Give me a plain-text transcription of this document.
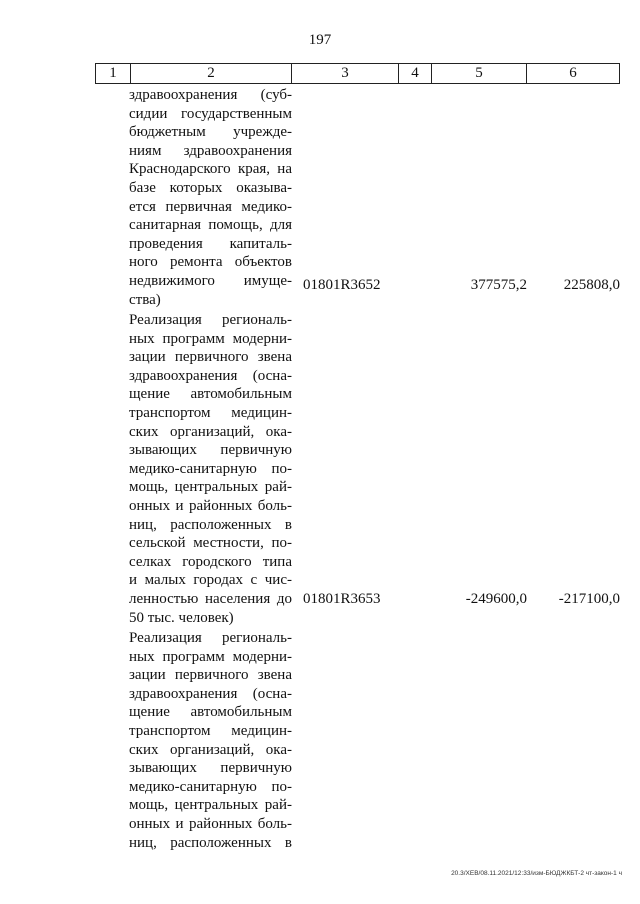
197
1	2	3	4	5	6
здравоохранения (суб-
сидии государственным
бюджетным учрежде-
ниям здравоохранения
Краснодарского края, на
базе которых оказыва-
ется первичная медико-
санитарная помощь, для
проведения капиталь-
ного ремонта объектов
недвижимого имуще-
ства)
01801R3652	377575,2 225808,0
Реализация региональ-
ных программ модерни-
зации первичного звена
здравоохранения (осна-
щение автомобильным
транспортом медицин-
ских организаций, ока-
зывающих первичную
медико-санитарную по-
мощь, центральных рай-
онных и районных боль-
ниц, расположенных в
сельской местности, по-
селках городского типа
и малых городах с чис-
ленностью населения до
50 тыс. человек)
01801R3653	-249600,0 -217100,0
Реализация региональ-
ных программ модерни-
зации первичного звена
здравоохранения (осна-
щение автомобильным
транспортом медицин-
ских организаций, ока-
зывающих первичную
медико-санитарную по-
мощь, центральных рай-
онных и районных боль-
ниц, расположенных в
20.3/ХЕВ/08.11.2021/12:33/изм-БЮДЖКБТ-2 чт-закон-1 ч
